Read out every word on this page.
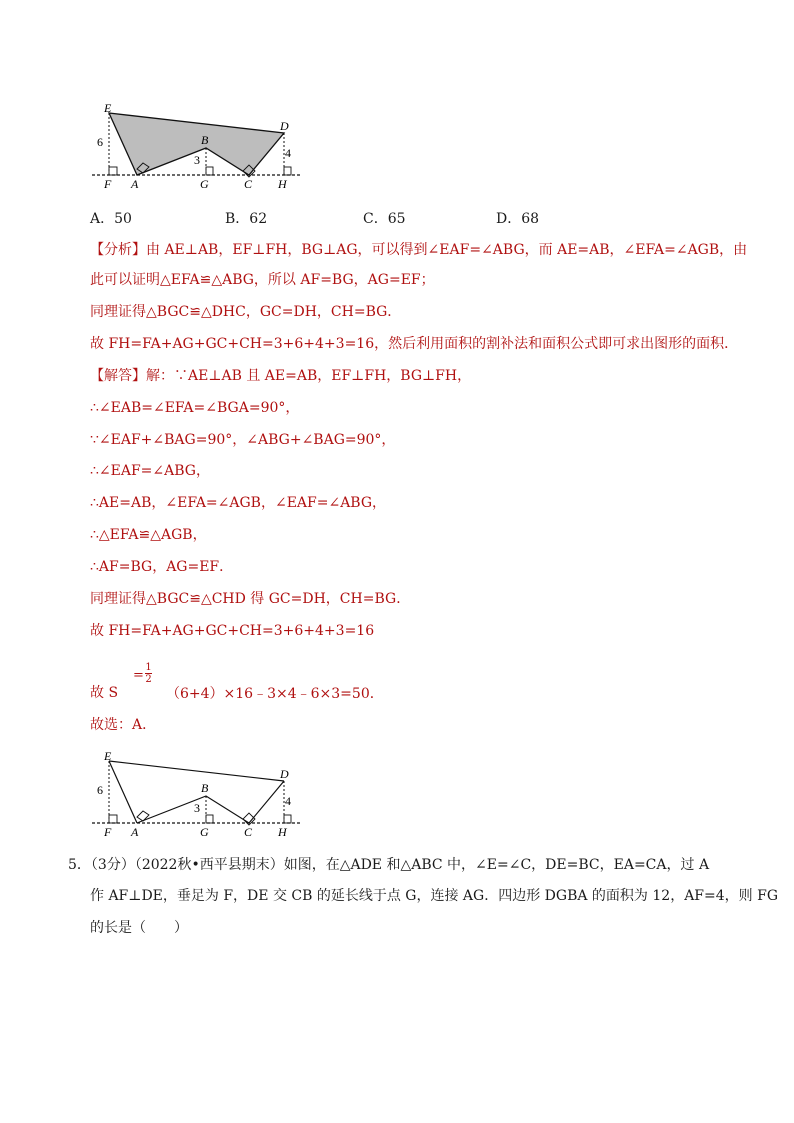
E
D
B
F A	G	C H
6
3	4
A．50	B．62	C．65	D．68
【分析】由 AE⊥AB，EF⊥FH，BG⊥AG，可以得到∠EAF=∠ABG，而 AE=AB，∠EFA=∠AGB，由
此可以证明△EFA≌△ABG，所以 AF=BG，AG=EF；
同理证得△BGC≌△DHC，GC=DH，CH=BG．
故 FH=FA+AG+GC+CH=3+6+4+3=16，然后利用面积的割补法和面积公式即可求出图形的面积．
【解答】解：∵AE⊥AB 且 AE=AB，EF⊥FH，BG⊥FH，
∴∠EAB=∠EFA=∠BGA=90°，
∵∠EAF+∠BAG=90°，∠ABG+∠BAG=90°，
∴∠EAF=∠ABG，
∴AE=AB，∠EFA=∠AGB，∠EAF=∠ABG，
∴△EFA≌△AGB，
∴AF=BG，AG=EF．
同理证得△BGC≌△CHD 得 GC=DH，CH=BG．
故 FH=FA+AG+GC+CH=3+6+4+3=16
故 S
=
1
2
（6+4）×16﹣3×4﹣6×3=50．
故选：A．
E
D
B
F A	G	C H
6
3	4
5．（3分）（2022秋•西平县期末）如图，在△ADE 和△ABC 中，∠E=∠C，DE=BC，EA=CA，过 A
作 AF⊥DE，垂足为 F，DE 交 CB 的延长线于点 G，连接 AG．四边形 DGBA 的面积为 12，AF=4，则 FG
的长是（　　）
